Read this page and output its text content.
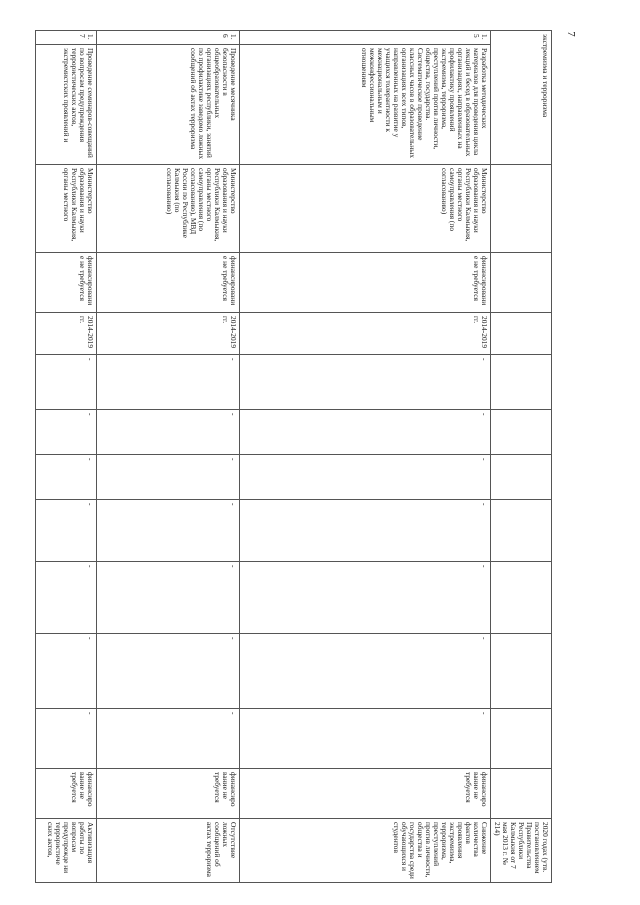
7
экстремизма и терроризма													2020 годах (утв. постановлением Правительства Республики Калмыкия от 7 мая 2013 г. № 214)
1.5	Разработка методических материалов для проведения цикла лекций и бесед в образовательных организациях, направленных на профилактику проявлений экстремизма, терроризма, преступлений против личности, общества, государства. Систематическое проведение классных часов в образовательных организациях всех типов, направленных на развитие у учащихся толерантности к межнациональным и межконфессиональным отношениям	Министерство образования и науки Республики Калмыкия, органы местного самоуправления (по согласованию)	финансировани е не требуется	2014-2019 гг.	-	-	-	-	-	-	-	финансиро вание не требуется	Снижение количества фактов проявления экстремизма, терроризма, преступлений против личности, общества и государства среди обучающихся и студентов
1.6	Проведение месячника безопасности в общеобразовательных организациях республики, занятий по профилактике заведомо ложных сообщений об актах терроризма	Министерство образования и науки Республики Калмыкия, органы местного самоуправления (по согласованию), МВД России по Республике Калмыкия (по согласованию)	финансировани е не требуется	2014-2019 гг.	-	-	-	-	-	-	-	финансиро вание не требуется	Отсутствие ложных сообщений об актах терроризма
1.7	Проведение семинаров-совещаний по вопросам предупреждения террористических актов, экстремистских проявлений и	Министерство образования и науки Республики Калмыкия, органы местного	финансировани е не требуется	2014-2019 гг.	-	-	-	-	-	-	-	финансиро вание не требуется	Активизация работы по вопросам предупрежде ни террористиче ских актов,
